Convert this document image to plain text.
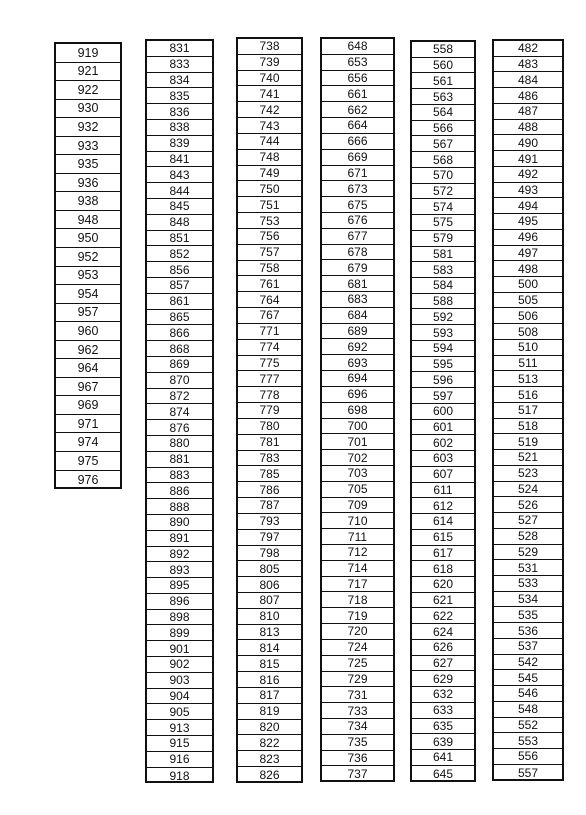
919
921
922
930
932
933
935
936
938
948
950
952
953
954
957
960
962
964
967
969
971
974
975
976
831
833
834
835
836
838
839
841
843
844
845
848
851
852
856
857
861
865
866
868
869
870
872
874
876
880
881
883
886
888
890
891
892
893
895
896
898
899
901
902
903
904
905
913
915
916
918
738
739
740
741
742
743
744
748
749
750
751
753
756
757
758
761
764
767
771
774
775
777
778
779
780
781
783
785
786
787
793
797
798
805
806
807
810
813
814
815
816
817
819
820
822
823
826
648
653
656
661
662
664
666
669
671
673
675
676
677
678
679
681
683
684
689
692
693
694
696
698
700
701
702
703
705
709
710
711
712
714
717
718
719
720
724
725
729
731
733
734
735
736
737
558
560
561
563
564
566
567
568
570
572
574
575
579
581
583
584
588
592
593
594
595
596
597
600
601
602
603
607
611
612
614
615
617
618
620
621
622
624
626
627
629
632
633
635
639
641
645
482
483
484
486
487
488
490
491
492
493
494
495
496
497
498
500
505
506
508
510
511
513
516
517
518
519
521
523
524
526
527
528
529
531
533
534
535
536
537
542
545
546
548
552
553
556
557
